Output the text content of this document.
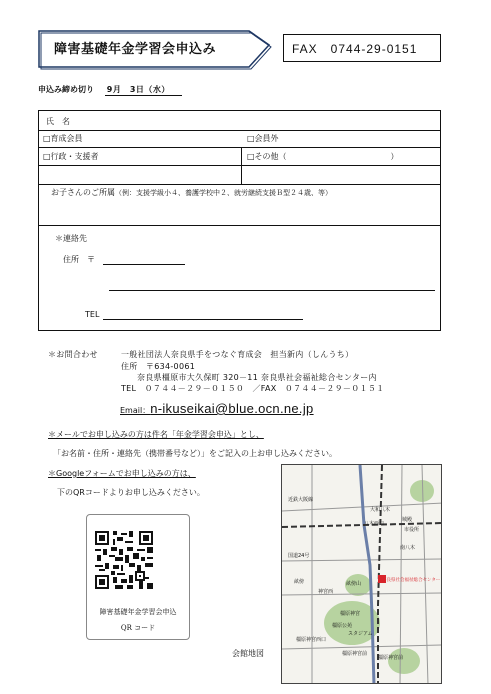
障害基礎年金学習会申込み	FAX　0744-29-0151
申込み締め切り 9月　3日（水）
氏　名
□育成会員	□会員外
□行政・支援者	□その他（　　　　　　　　　　　　　）
お子さんのご所属（例：支援学級小４、養護学校中２、就労継続支援Ｂ型２４歳、等）
＊連絡先
住所　〒
TEL
＊お問合わせ	一般社団法人奈良県手をつなぐ育成会　担当新内（しんうち）
住所　〒634-0061
奈良県橿原市大久保町 320－11 奈良県社会福祉総合センター内
TEL　０７４４－２９－０１５０　／FAX　０７４４－２９－０１５１
Email：n-ikuseikai@blue.ocn.ne.jp
＊メールでお申し込みの方は件名「年金学習会申込」とし、
「お名前・住所・連絡先（携帯番号など）」をご記入の上お申し込みください。
＊Googleフォームでお申し込みの方は、
下のQRコードよりお申し込みください。
障害基礎年金学習会申込
QR コード
近鉄大阪線
大和八木
八木西口
城殿
市役所
国道24号
南八木
奈良県社会福祉総合センター
神宮西
畝傍山
畝傍
橿原神宮
橿原公苑
スタジアム
橿原神宮西口
橿原神宮前
橿原神宮前
会館地図
